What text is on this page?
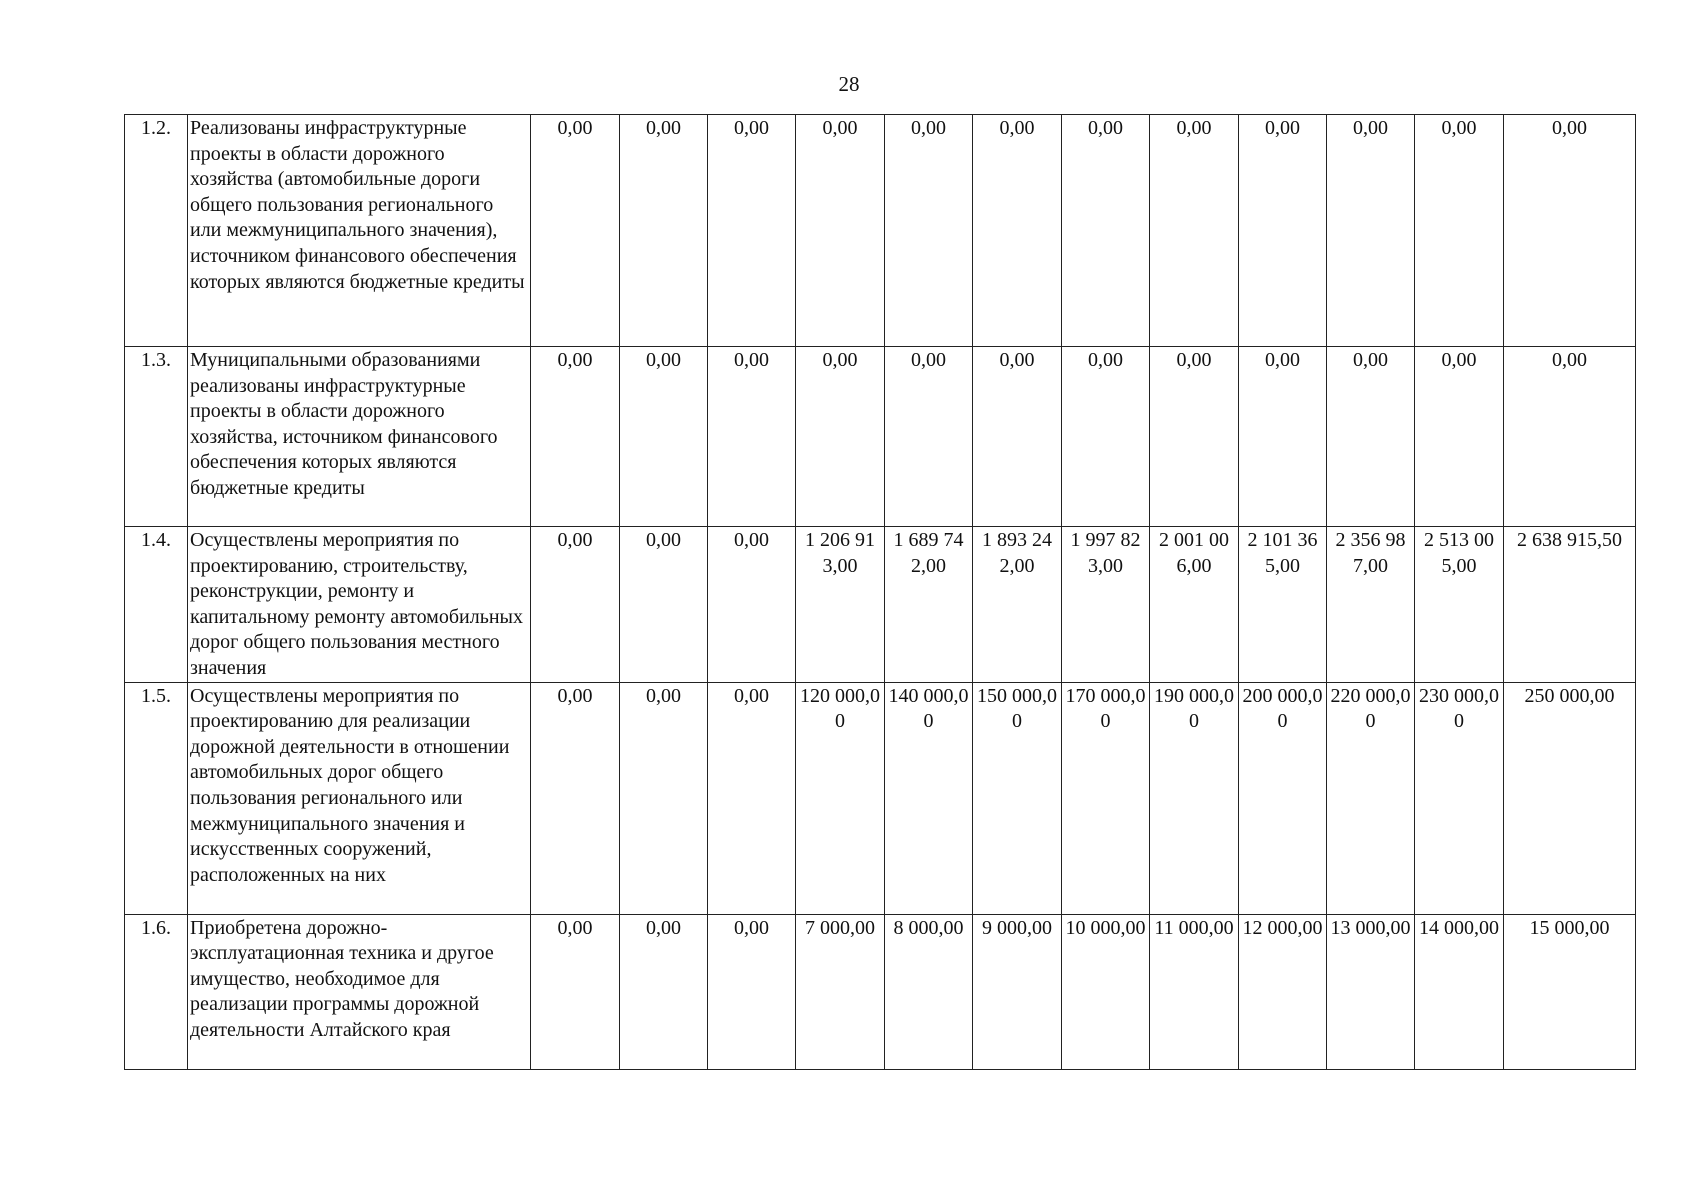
28
1.2.	Реализованы инфраструктурные проекты в области дорожного хозяйства (автомобильные дороги общего пользования регионального или межмуниципального значения), источником финансового обеспечения которых являются бюджетные кредиты	0,00	0,00	0,00	0,00	0,00	0,00	0,00	0,00	0,00	0,00	0,00	0,00
1.3.	Муниципальными образованиями реализованы инфраструктурные проекты в области дорожного хозяйства, источником финансового обеспечения которых являются бюджетные кредиты	0,00	0,00	0,00	0,00	0,00	0,00	0,00	0,00	0,00	0,00	0,00	0,00
1.4.	Осуществлены мероприятия по проектированию, строительству, реконструкции, ремонту и капитальному ремонту автомобильных дорог общего пользования местного значения	0,00	0,00	0,00	1 206 913,00	1 689 742,00	1 893 242,00	1 997 823,00	2 001 006,00	2 101 365,00	2 356 987,00	2 513 005,00	2 638 915,50
1.5.	Осуществлены мероприятия по проектированию для реализации дорожной деятельности в отношении автомобильных дорог общего пользования регионального или межмуниципального значения и искусственных сооружений, расположенных на них	0,00	0,00	0,00	120 000,00	140 000,00	150 000,00	170 000,00	190 000,00	200 000,00	220 000,00	230 000,00	250 000,00
1.6.	Приобретена дорожно-эксплуатационная техника и другое имущество, необходимое для реализации программы дорожной деятельности Алтайского края	0,00	0,00	0,00	7 000,00	8 000,00	9 000,00	10 000,00	11 000,00	12 000,00	13 000,00	14 000,00	15 000,00
